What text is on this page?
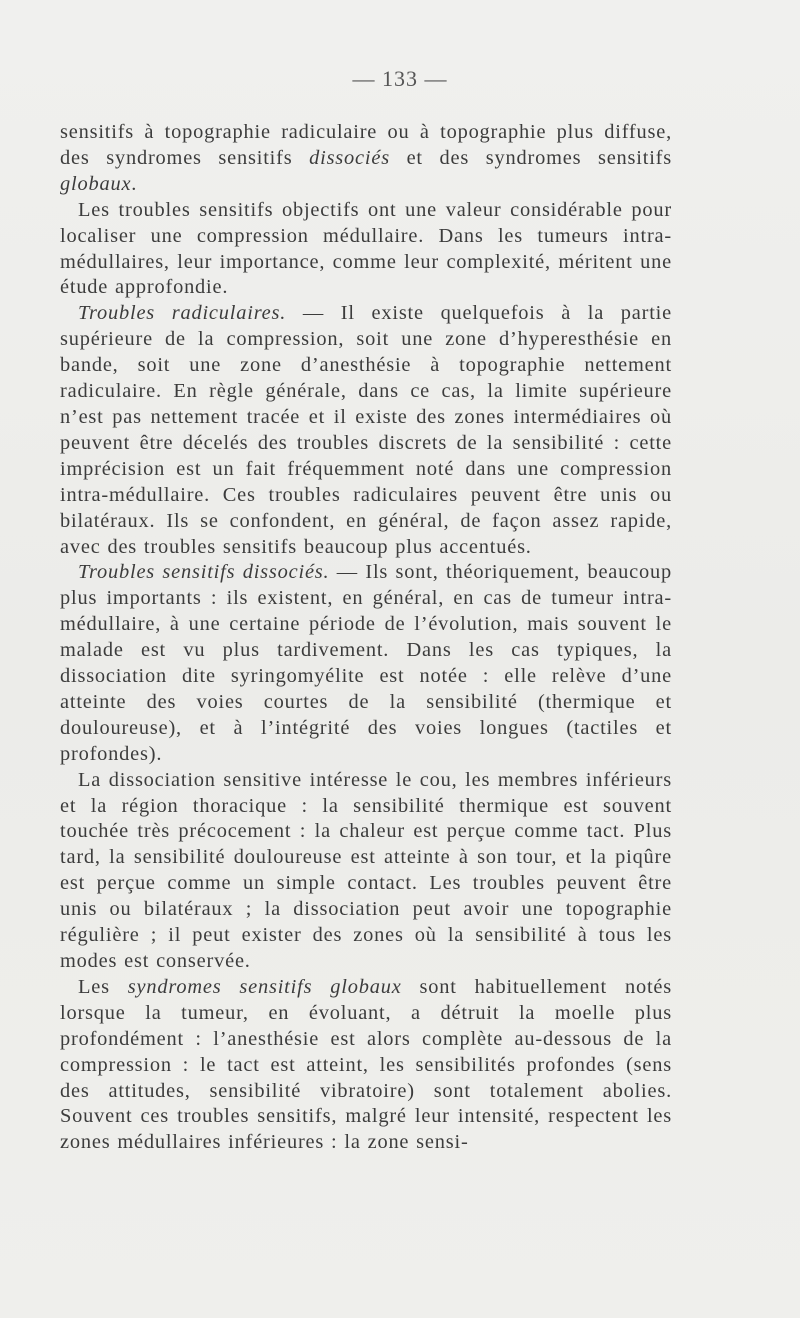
— 133 —

sensitifs à topographie radiculaire ou à topographie plus diffuse, des syndromes sensitifs dissociés et des syndromes sensitifs globaux.

Les troubles sensitifs objectifs ont une valeur considérable pour localiser une compression médullaire. Dans les tumeurs intra-médullaires, leur importance, comme leur complexité, méritent une étude approfondie.

Troubles radiculaires. — Il existe quelquefois à la partie supérieure de la compression, soit une zone d’hyperesthésie en bande, soit une zone d’anesthésie à topographie nettement radiculaire. En règle générale, dans ce cas, la limite supérieure n’est pas nettement tracée et il existe des zones intermédiaires où peuvent être décelés des troubles discrets de la sensibilité : cette imprécision est un fait fréquemment noté dans une compression intra-médullaire. Ces troubles radiculaires peuvent être unis ou bilatéraux. Ils se confondent, en général, de façon assez rapide, avec des troubles sensitifs beaucoup plus accentués.

Troubles sensitifs dissociés. — Ils sont, théoriquement, beaucoup plus importants : ils existent, en général, en cas de tumeur intra-médullaire, à une certaine période de l’évolution, mais souvent le malade est vu plus tardivement. Dans les cas typiques, la dissociation dite syringomyélite est notée : elle relève d’une atteinte des voies courtes de la sensibilité (thermique et douloureuse), et à l’intégrité des voies longues (tactiles et profondes).

La dissociation sensitive intéresse le cou, les membres inférieurs et la région thoracique : la sensibilité thermique est souvent touchée très précocement : la chaleur est perçue comme tact. Plus tard, la sensibilité douloureuse est atteinte à son tour, et la piqûre est perçue comme un simple contact. Les troubles peuvent être unis ou bilatéraux ; la dissociation peut avoir une topographie régulière ; il peut exister des zones où la sensibilité à tous les modes est conservée.

Les syndromes sensitifs globaux sont habituellement notés lorsque la tumeur, en évoluant, a détruit la moelle plus profondément : l’anesthésie est alors complète au-dessous de la compression : le tact est atteint, les sensibilités profondes (sens des attitudes, sensibilité vibratoire) sont totalement abolies. Souvent ces troubles sensitifs, malgré leur intensité, respectent les zones médullaires inférieures : la zone sensi-
